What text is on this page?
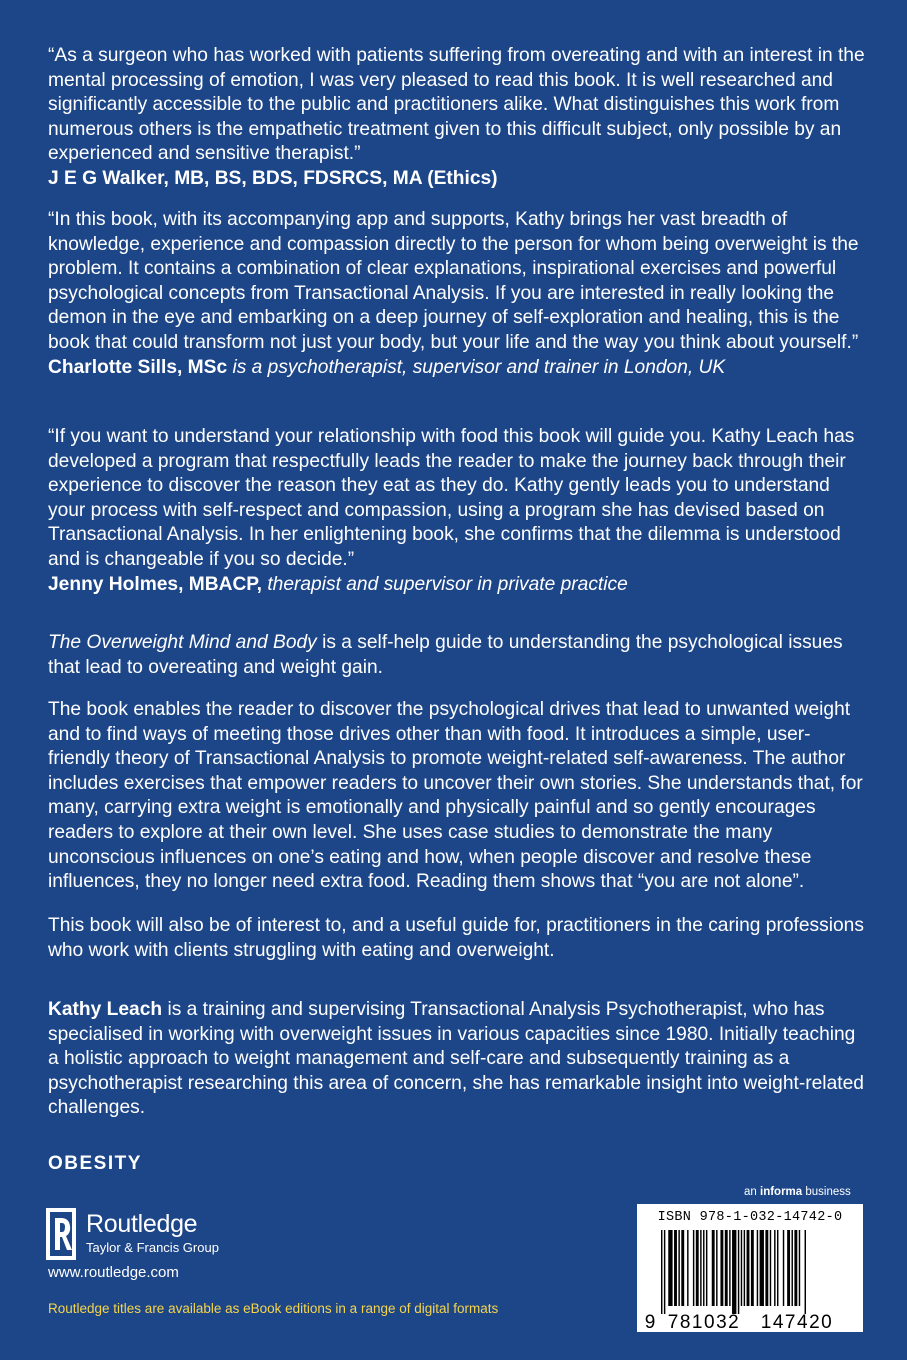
“As a surgeon who has worked with patients suffering from overeating and with an interest in the mental processing of emotion, I was very pleased to read this book. It is well researched and significantly accessible to the public and practitioners alike. What distinguishes this work from numerous others is the empathetic treatment given to this difficult subject, only possible by an experienced and sensitive therapist.”

J E G Walker, MB, BS, BDS, FDSRCS, MA (Ethics)

“In this book, with its accompanying app and supports, Kathy brings her vast breadth of knowledge, experience and compassion directly to the person for whom being overweight is the problem. It contains a combination of clear explanations, inspirational exercises and powerful psychological concepts from Transactional Analysis. If you are interested in really looking the demon in the eye and embarking on a deep journey of self-exploration and healing, this is the book that could transform not just your body, but your life and the way you think about yourself.”

Charlotte Sills, MSc is a psychotherapist, supervisor and trainer in London, UK

“If you want to understand your relationship with food this book will guide you. Kathy Leach has developed a program that respectfully leads the reader to make the journey back through their experience to discover the reason they eat as they do. Kathy gently leads you to understand your process with self-respect and compassion, using a program she has devised based on Transactional Analysis. In her enlightening book, she confirms that the dilemma is understood and is changeable if you so decide.”

Jenny Holmes, MBACP, therapist and supervisor in private practice

The Overweight Mind and Body is a self-help guide to understanding the psychological issues that lead to overeating and weight gain.

The book enables the reader to discover the psychological drives that lead to unwanted weight and to find ways of meeting those drives other than with food. It introduces a simple, user-friendly theory of Transactional Analysis to promote weight-related self-awareness. The author includes exercises that empower readers to uncover their own stories. She understands that, for many, carrying extra weight is emotionally and physically painful and so gently encourages readers to explore at their own level. She uses case studies to demonstrate the many unconscious influences on one’s eating and how, when people discover and resolve these influences, they no longer need extra food. Reading them shows that “you are not alone”.

This book will also be of interest to, and a useful guide for, practitioners in the caring professions who work with clients struggling with eating and overweight.

Kathy Leach is a training and supervising Transactional Analysis Psychotherapist, who has specialised in working with overweight issues in various capacities since 1980. Initially teaching a holistic approach to weight management and self-care and subsequently training as a psychotherapist researching this area of concern, she has remarkable insight into weight-related challenges.

OBESITY
Routledge
Taylor & Francis Group
www.routledge.com
Routledge titles are available as eBook editions in a range of digital formats
an informa business
ISBN 978-1-032-14742-0
9 781032 147420
